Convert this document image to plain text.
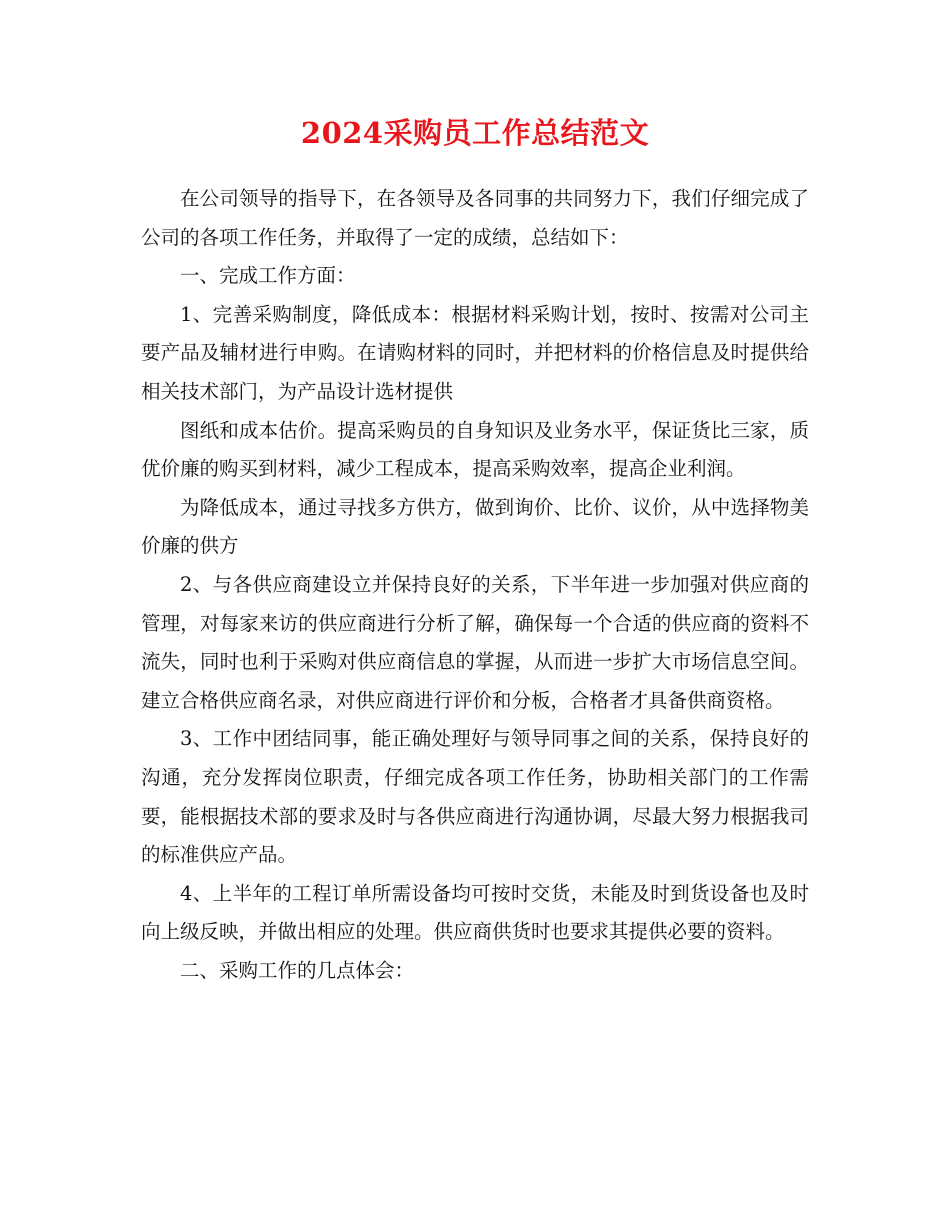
2024采购员工作总结范文

在公司领导的指导下，在各领导及各同事的共同努力下，我们仔细完成了公司的各项工作任务，并取得了一定的成绩，总结如下：

一、完成工作方面：

1、完善采购制度，降低成本：根据材料采购计划，按时、按需对公司主要产品及辅材进行申购。在请购材料的同时，并把材料的价格信息及时提供给相关技术部门，为产品设计选材提供

图纸和成本估价。提高采购员的自身知识及业务水平，保证货比三家，质优价廉的购买到材料，减少工程成本，提高采购效率，提高企业利润。

为降低成本，通过寻找多方供方，做到询价、比价、议价，从中选择物美价廉的供方

2、与各供应商建设立并保持良好的关系，下半年进一步加强对供应商的管理，对每家来访的供应商进行分析了解，确保每一个合适的供应商的资料不流失，同时也利于采购对供应商信息的掌握，从而进一步扩大市场信息空间。建立合格供应商名录，对供应商进行评价和分板，合格者才具备供商资格。

3、工作中团结同事，能正确处理好与领导同事之间的关系，保持良好的沟通，充分发挥岗位职责，仔细完成各项工作任务，协助相关部门的工作需要，能根据技术部的要求及时与各供应商进行沟通协调，尽最大努力根据我司的标准供应产品。

4、上半年的工程订单所需设备均可按时交货，未能及时到货设备也及时向上级反映，并做出相应的处理。供应商供货时也要求其提供必要的资料。

二、采购工作的几点体会：
